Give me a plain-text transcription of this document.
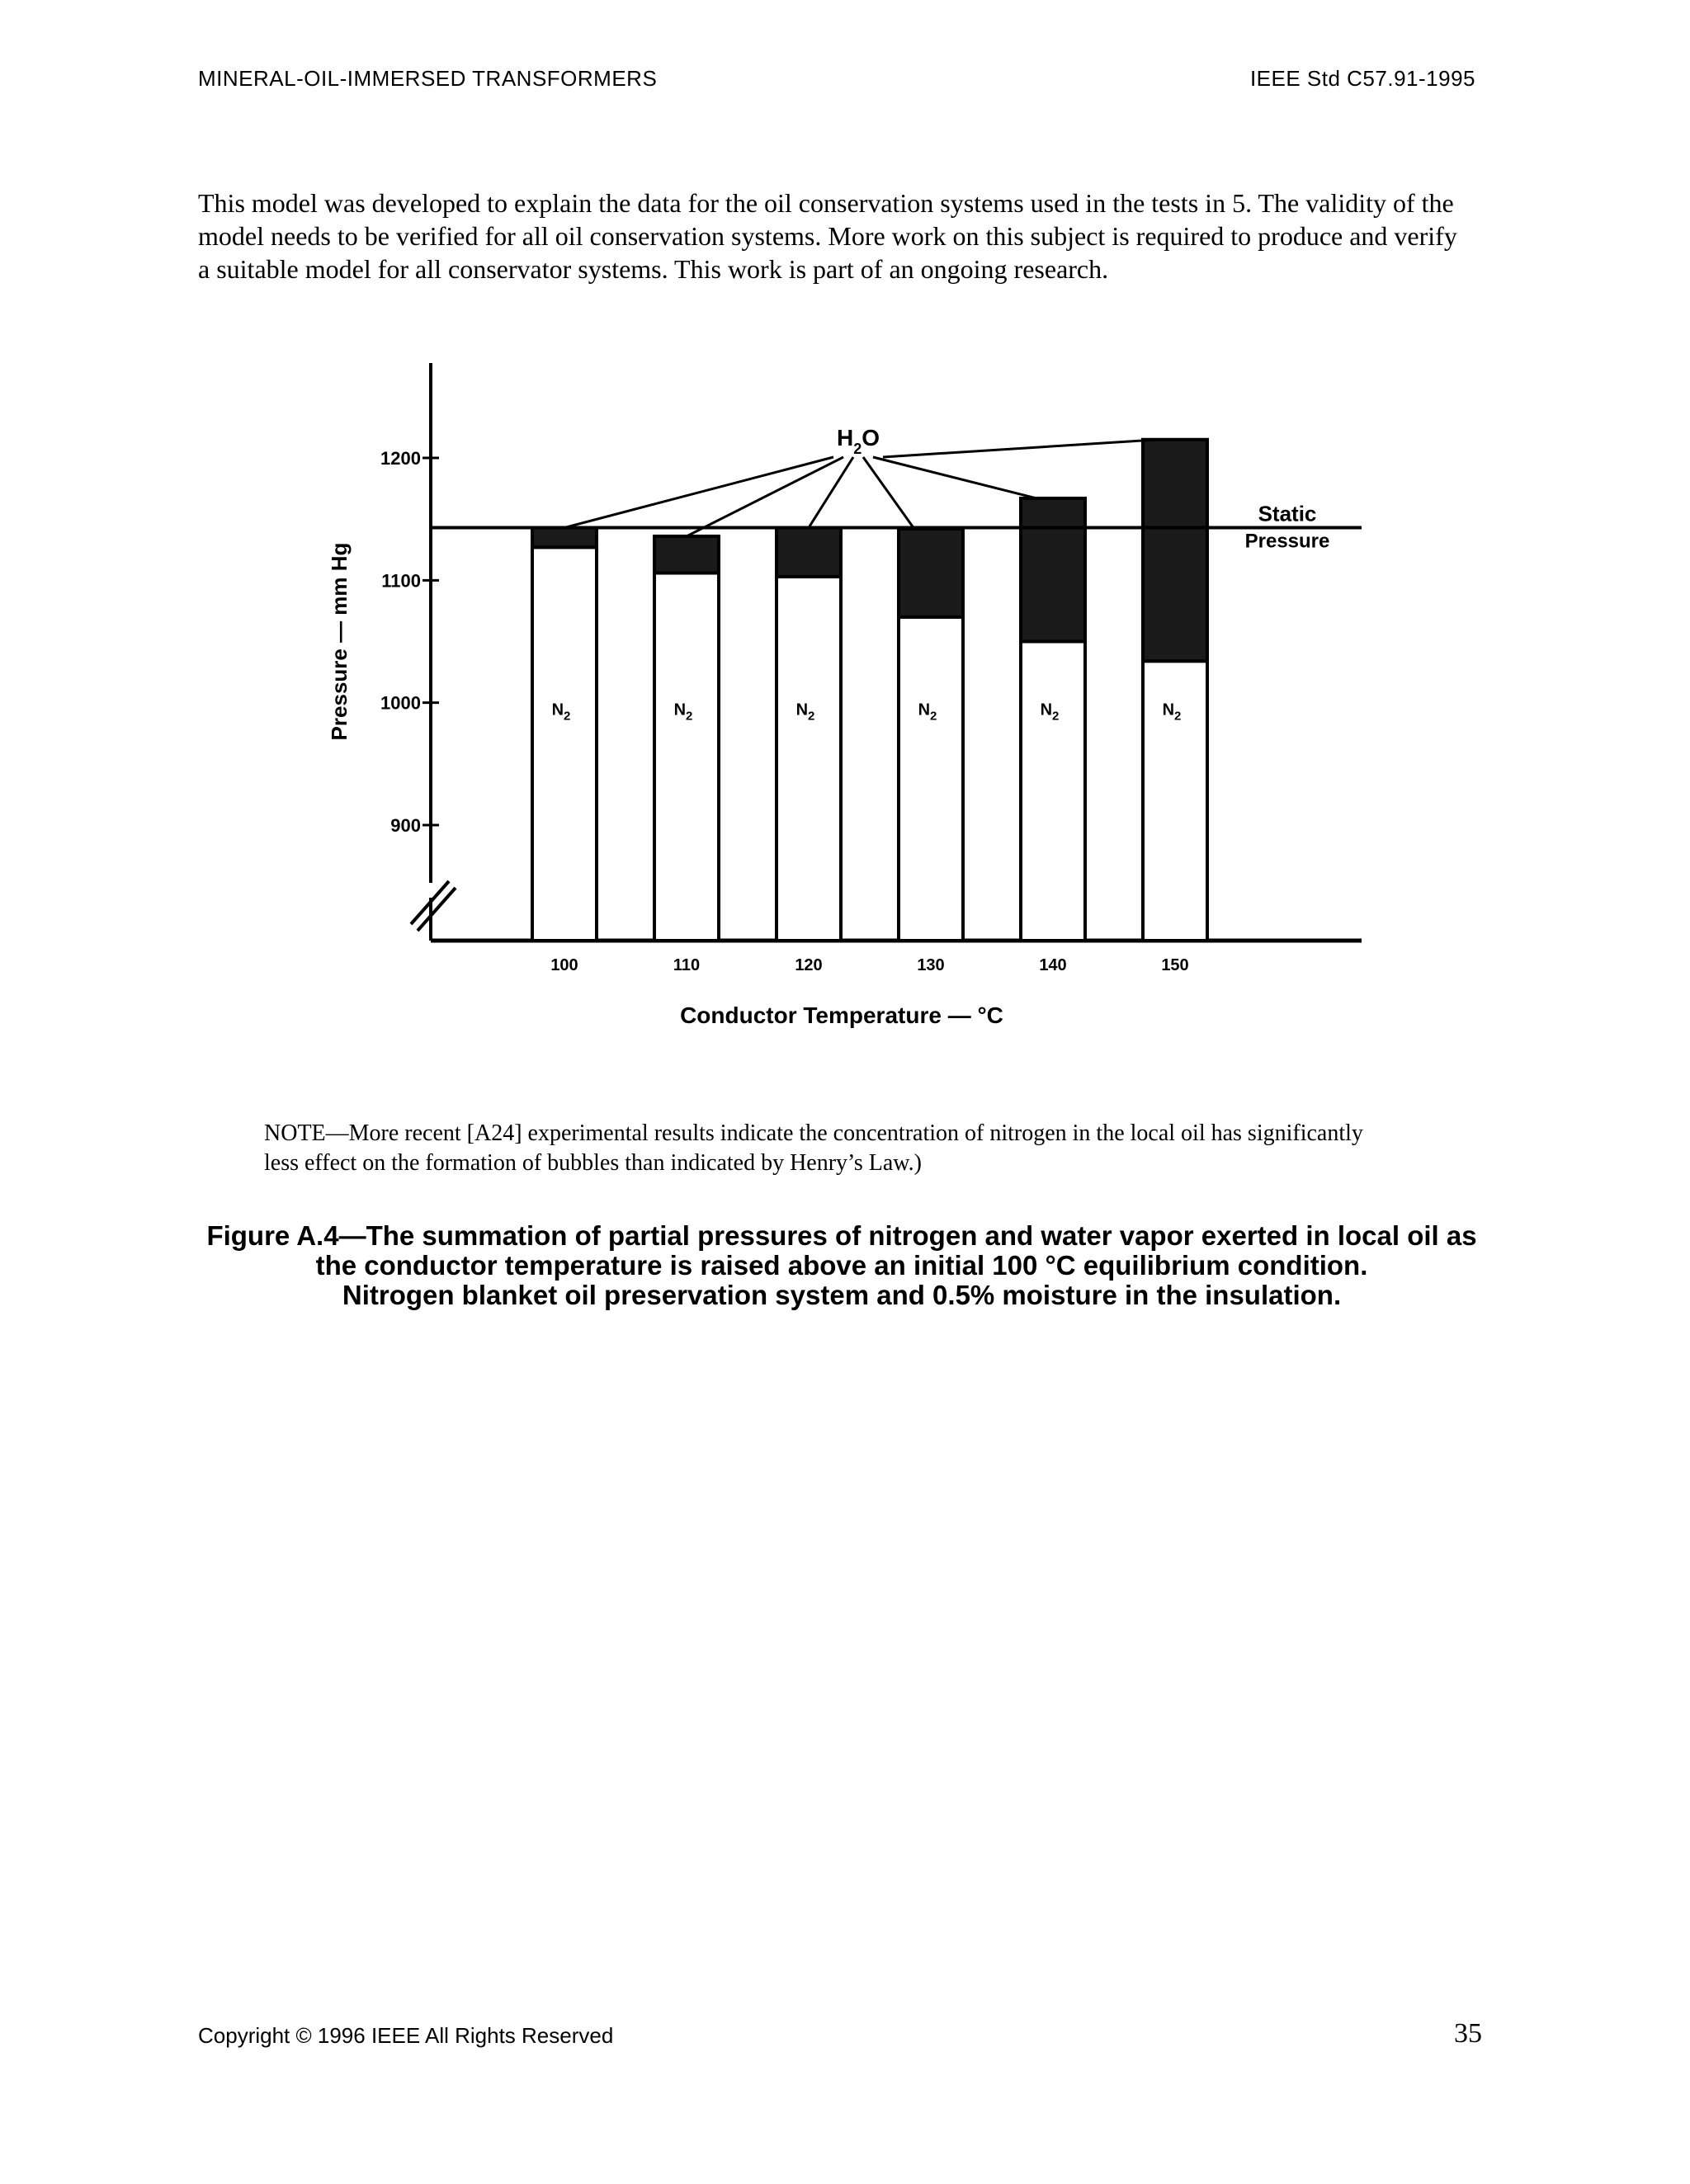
MINERAL-OIL-IMMERSED TRANSFORMERS	IEEE Std C57.91-1995
This model was developed to explain the data for the oil conservation systems used in the tests in 5. The validity of the
model needs to be verified for all oil conservation systems. More work on this subject is required to produce and verify
a suitable model for all conservator systems. This work is part of an ongoing research.
900
1000
1100
1200
Pressure — mm Hg
100	110	120	130	140	150
Conductor Temperature — °C
$N_2$	$N_2$	$N_2$	$N_2$	$N_2$	$N_2$
Static
Pressure
$H_2O$
NOTE—More recent [A24] experimental results indicate the concentration of nitrogen in the local oil has significantly
less effect on the formation of bubbles than indicated by Henry’s Law.)
Figure A.4—The summation of partial pressures of nitrogen and water vapor exerted in local oil as
the conductor temperature is raised above an initial 100 °C equilibrium condition.
Nitrogen blanket oil preservation system and 0.5% moisture in the insulation.
Copyright © 1996 IEEE All Rights Reserved	35
